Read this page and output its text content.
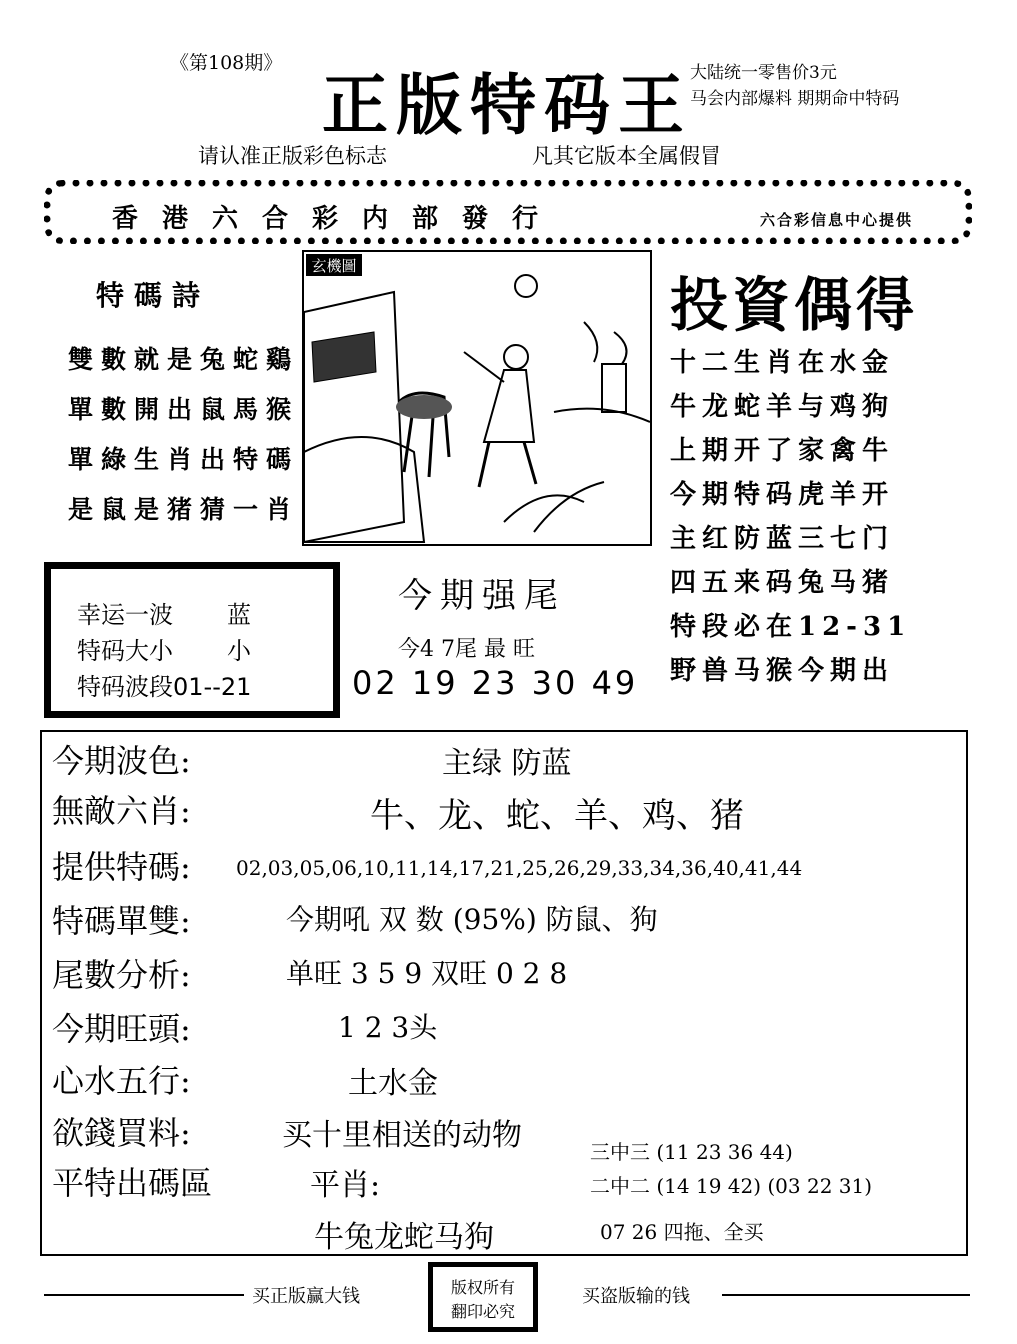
《第108期》
正版特码王
大陆统一零售价3元
马会内部爆料 期期命中特码
请认准正版彩色标志	凡其它版本全属假冒
香港六合彩内部發行	六合彩信息中心提供
特碼詩
雙數就是兔蛇鷄
單數開出鼠馬猴
單綠生肖出特碼
是鼠是猪猜一肖
玄機圖
投資偶得
十二生肖在水金
牛龙蛇羊与鸡狗
上期开了家禽牛
今期特码虎羊开
主红防蓝三七门
四五来码兔马猪
特段必在12-31
野兽马猴今期出
幸运一波 蓝
特码大小 小
特码波段01--21
今期强尾
今4 7尾 最 旺
02 19 23 30 49
今期波色:	主绿 防蓝
無敵六肖:	牛、龙、蛇、羊、鸡、猪
提供特碼: 02,03,05,06,10,11,14,17,21,25,26,29,33,34,36,40,41,44
特碼單雙:	今期吼 双 数 (95%) 防鼠、狗
尾數分析:	单旺 3 5 9 双旺 0 2 8
今期旺頭:	1 2 3头
心水五行:	土水金
欲錢買料:	买十里相送的动物	三中三 (11 23 36 44)
平特出碼區	平肖:	二中二 (14 19 42) (03 22 31)
牛兔龙蛇马狗	07 26 四拖、全买
买正版赢大钱	版权所有
翻印必究
买盗版输的钱
